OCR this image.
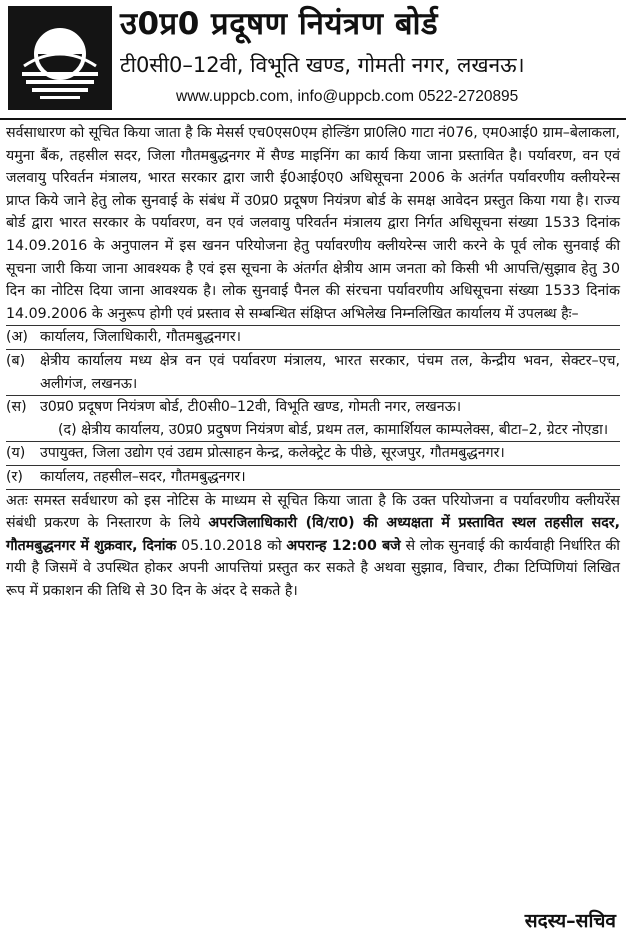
उ0प्र0 प्रदूषण नियंत्रण बोर्ड
टी0सी0–12वी, विभूति खण्ड, गोमती नगर, लखनऊ।
www.uppcb.com, info@uppcb.com 0522-2720895

सर्वसाधारण को सूचित किया जाता है कि मेसर्स एच0एस0एम होल्डिंग प्रा0लि0 गाटा नं076, एम0आई0 ग्राम–बेलाकला, यमुना बैंक, तहसील सदर, जिला गौतमबुद्धनगर में सैण्ड माइनिंग का कार्य किया जाना प्रस्तावित है। पर्यावरण, वन एवं जलवायु परिवर्तन मंत्रालय, भारत सरकार द्वारा जारी ई0आई0ए0 अधिसूचना 2006 के अतंर्गत पर्यावरणीय क्लीयरेन्स प्राप्त किये जाने हेतु लोक सुनवाई के संबंध में उ0प्र0 प्रदूषण नियंत्रण बोर्ड के समक्ष आवेदन प्रस्तुत किया गया है। राज्य बोर्ड द्वारा भारत सरकार के पर्यावरण, वन एवं जलवायु परिवर्तन मंत्रालय द्वारा निर्गत अधिसूचना संख्या 1533 दिनांक 14.09.2016 के अनुपालन में इस खनन परियोजना हेतु पर्यावरणीय क्लीयरेन्स जारी करने के पूर्व लोक सुनवाई की सूचना जारी किया जाना आवश्यक है एवं इस सूचना के अंतर्गत क्षेत्रीय आम जनता को किसी भी आपत्ति/सुझाव हेतु 30 दिन का नोटिस दिया जाना आवश्यक है। लोक सुनवाई पैनल की संरचना पर्यावरणीय अधिसूचना संख्या 1533 दिनांक 14.09.2006 के अनुरूप होगी एवं प्रस्ताव से सम्बन्धित संक्षिप्त अभिलेख निम्नलिखित कार्यालय में उपलब्ध हैः–

(अ) कार्यालय, जिलाधिकारी, गौतमबुद्धनगर।
(ब)	क्षेत्रीय कार्यालय मध्य क्षेत्र वन एवं पर्यावरण मंत्रालय, भारत सरकार, पंचम तल, केन्द्रीय भवन, सेक्टर–एच, अलीगंज, लखनऊ।
(स) उ0प्र0 प्रदूषण नियंत्रण बोर्ड, टी0सी0–12वी, विभूति खण्ड, गोमती नगर, लखनऊ।
(द) क्षेत्रीय कार्यालय, उ0प्र0 प्रदुषण नियंत्रण बोर्ड, प्रथम तल, कामार्शियल काम्पलेक्स, बीटा–2, ग्रेटर नोएडा।
(य)	उपायुक्त, जिला उद्योग एवं उद्यम प्रोत्साहन केन्द्र, कलेक्ट्रेट के पीछे, सूरजपुर, गौतमबुद्धनगर।
(र)	कार्यालय, तहसील–सदर, गौतमबुद्धनगर।

अतः समस्त सर्वधारण को इस नोटिस के माध्यम से सूचित किया जाता है कि उक्त परियोजना व पर्यावरणीय क्लीयरेंस संबंधी प्रकरण के निस्तारण के लिये अपरजिलाधिकारी (वि/रा0) की अध्यक्षता में प्रस्तावित स्थल तहसील सदर, गौतमबुद्धनगर में शुक्रवार, दिनांक 05.10.2018 को अपरान्ह 12:00 बजे से लोक सुनवाई की कार्यवाही निर्धारित की गयी है जिसमें वे उपस्थित होकर अपनी आपत्तियां प्रस्तुत कर सकते है अथवा सुझाव, विचार, टीका टिप्पिणियां लिखित रूप में प्रकाशन की तिथि से 30 दिन के अंदर दे सकते है।

सदस्य–सचिव
